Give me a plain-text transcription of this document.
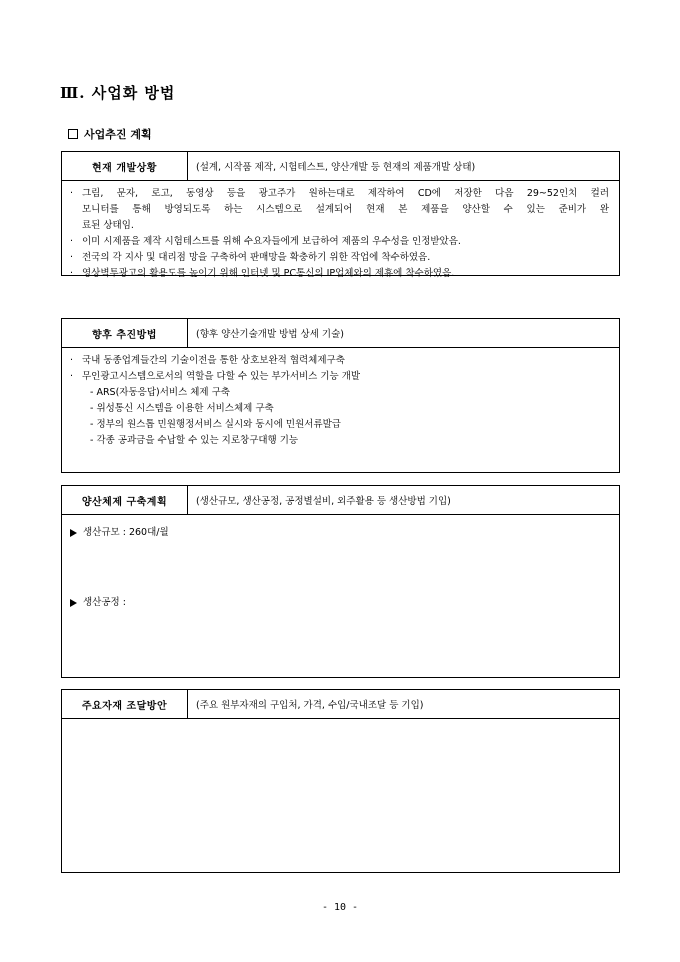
Ⅲ. 사업화 방법
사업추진 계획
현재 개발상황	(설계, 시작품 제작, 시험테스트, 양산개발 등 현재의 제품개발 상태)
· 그림, 문자, 로고, 동영상 등을 광고주가 원하는대로 제작하여 CD에 저장한 다음 29~52인치 컬러
모니터를 통해 방영되도록 하는 시스템으로 설계되어 현재 본 제품을 양산할 수 있는 준비가 완
료된 상태임.
· 이미 시제품을 제작 시험테스트를 위해 수요자들에게 보급하여 제품의 우수성을 인정받았음.
· 전국의 각 지사 및 대리점 망을 구축하여 판매망을 확충하기 위한 작업에 착수하였음.
· 영상벽투광고의 활용도를 높이기 위해 인터넷 및 PC통신의 IP업체와의 제휴에 착수하였음.
향후 추진방법	(향후 양산기술개발 방법 상세 기술)
· 국내 동종업계들간의 기술이전을 통한 상호보완적 협력체제구축
· 무인광고시스템으로서의 역할을 다할 수 있는 부가서비스 기능 개발
- ARS(자동응답)서비스 체제 구축
- 위성통신 시스템을 이용한 서비스체제 구축
- 정부의 원스톱 민원행정서비스 실시와 동시에 민원서류발급
- 각종 공과금을 수납할 수 있는 지로창구대행 기능
양산체제 구축계획	(생산규모, 생산공정, 공정별설비, 외주활용 등 생산방법 기입)
생산규모 : 260대/월
생산공정 :
주요자재 조달방안	(주요 원부자재의 구입처, 가격, 수입/국내조달 등 기입)
- 10 -
